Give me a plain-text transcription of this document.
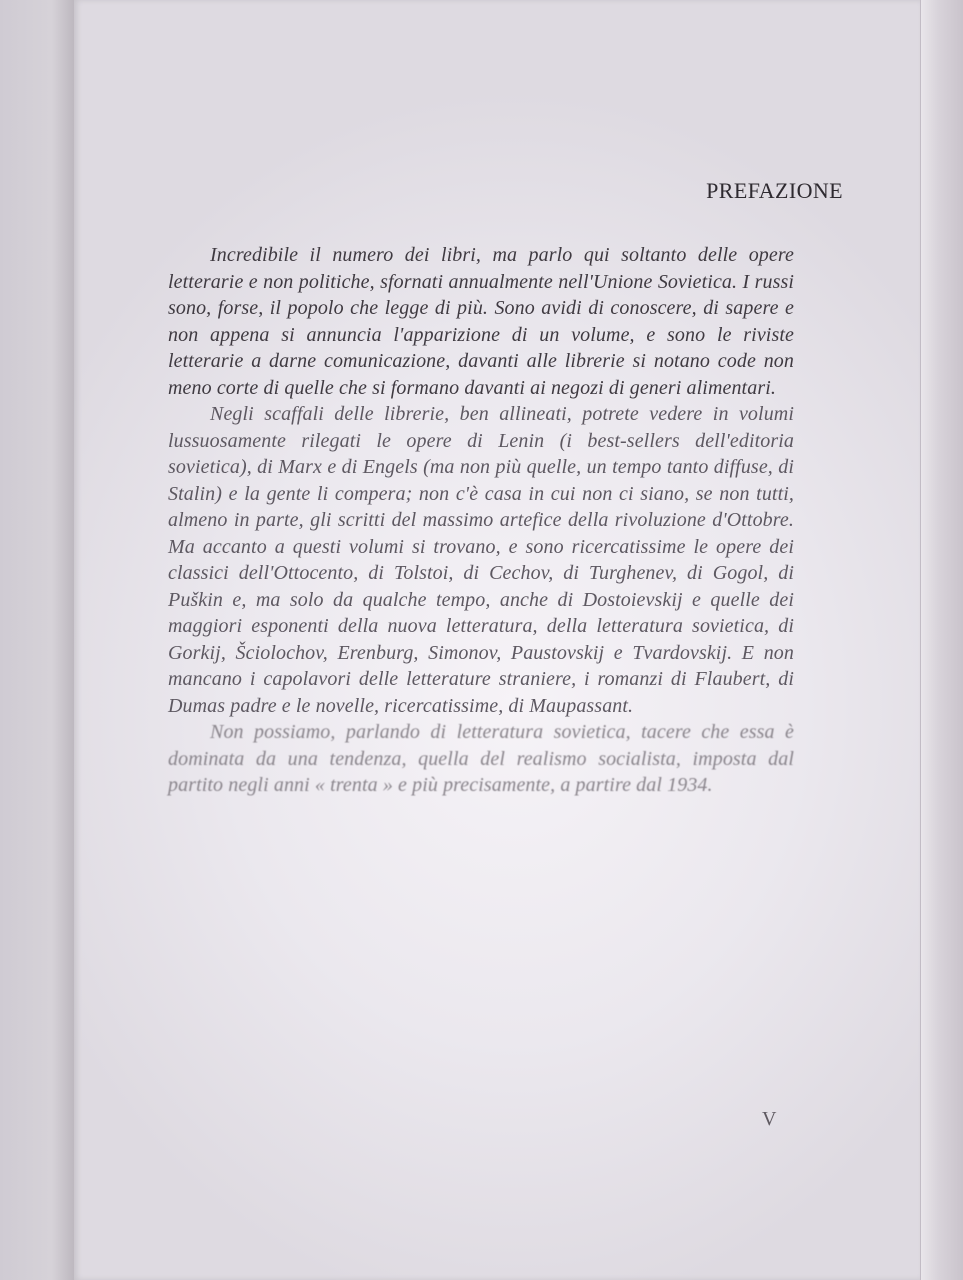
PREFAZIONE

Incredibile il numero dei libri, ma parlo qui soltanto delle opere letterarie e non politiche, sfornati annualmente nell'Unione Sovietica. I russi sono, forse, il popolo che legge di più. Sono avidi di conoscere, di sapere e non appena si annuncia l'apparizione di un volume, e sono le riviste letterarie a darne comunicazione, davanti alle librerie si notano code non meno corte di quelle che si formano davanti ai negozi di generi alimentari.

Negli scaffali delle librerie, ben allineati, potrete vedere in volumi lussuosamente rilegati le opere di Lenin (i best-sellers dell'editoria sovietica), di Marx e di Engels (ma non più quelle, un tempo tanto diffuse, di Stalin) e la gente li compera; non c'è casa in cui non ci siano, se non tutti, almeno in parte, gli scritti del massimo artefice della rivoluzione d'Ottobre. Ma accanto a questi volumi si trovano, e sono ricercatissime le opere dei classici dell'Ottocento, di Tolstoi, di Cechov, di Turghenev, di Gogol, di Puškin e, ma solo da qualche tempo, anche di Dostoievskij e quelle dei maggiori esponenti della nuova letteratura, della letteratura sovietica, di Gorkij, Šciolochov, Erenburg, Simonov, Paustovskij e Tvardovskij. E non mancano i capolavori delle letterature straniere, i romanzi di Flaubert, di Dumas padre e le novelle, ricercatissime, di Maupassant.

Non possiamo, parlando di letteratura sovietica, tacere che essa è dominata da una tendenza, quella del realismo socialista, imposta dal partito negli anni « trenta » e più precisamente, a partire dal 1934.

V
